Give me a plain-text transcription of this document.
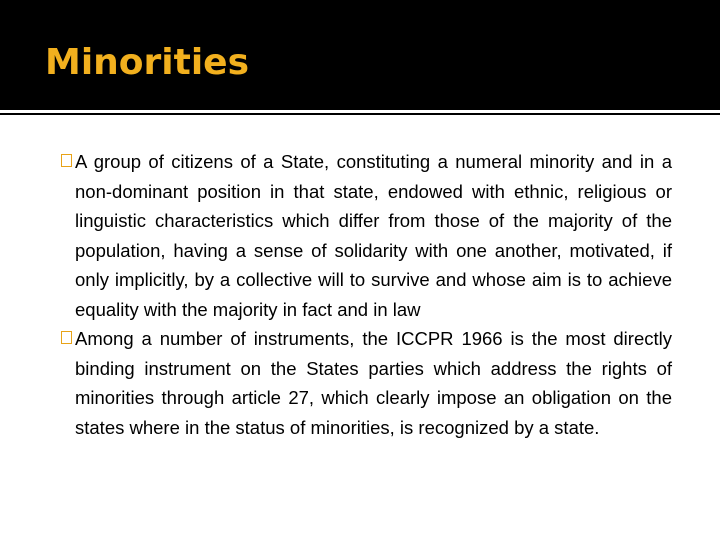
Minorities
A group of citizens of a State, constituting a numeral minority and in a non-dominant position in that state, endowed with ethnic, religious or linguistic characteristics which differ from those of the majority of the population, having a sense of solidarity with one another, motivated, if only implicitly, by a collective will to survive and whose aim is to achieve equality with the majority in fact and in law
Among a number of instruments, the ICCPR 1966 is the most directly binding instrument on the States parties which address the rights of minorities through article 27, which clearly impose an obligation on the states where in the status of minorities, is recognized by a state.
